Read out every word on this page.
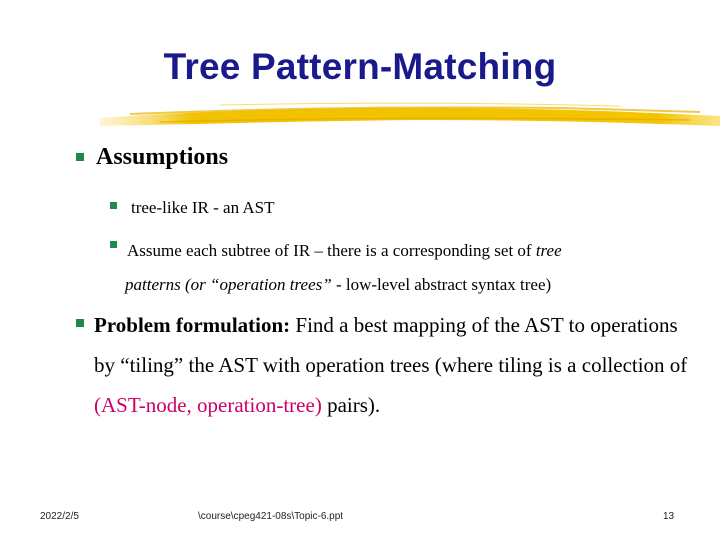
Tree Pattern-Matching
Assumptions
tree-like IR - an AST
Assume each subtree of IR – there is a corresponding set of tree
patterns (or “operation trees” - low-level abstract syntax tree)
Problem formulation: Find a best mapping of the AST to operations by “tiling” the AST with operation trees (where tiling is a collection of (AST-node, operation-tree) pairs).
2022/2/5	\course\cpeg421-08s\Topic-6.ppt	13
